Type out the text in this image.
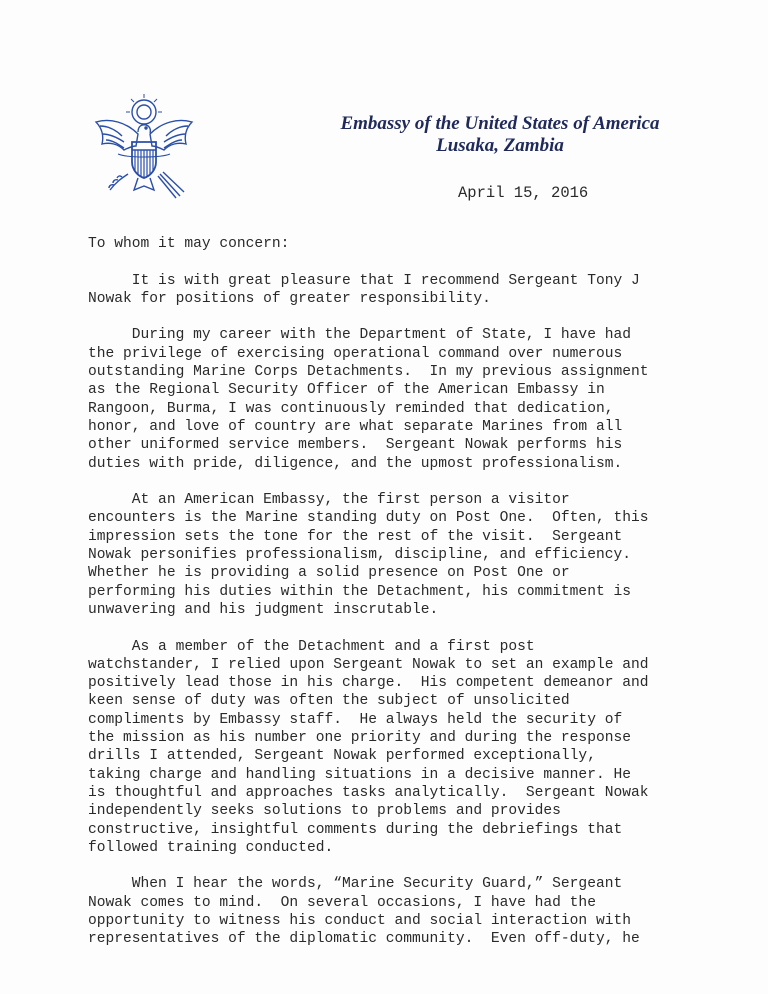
Embassy of the United States of America
Lusaka, Zambia
April 15, 2016
To whom it may concern:
It is with great pleasure that I recommend Sergeant Tony J
Nowak for positions of greater responsibility.
During my career with the Department of State, I have had
the privilege of exercising operational command over numerous
outstanding Marine Corps Detachments.  In my previous assignment
as the Regional Security Officer of the American Embassy in
Rangoon, Burma, I was continuously reminded that dedication,
honor, and love of country are what separate Marines from all
other uniformed service members.  Sergeant Nowak performs his
duties with pride, diligence, and the upmost professionalism.
At an American Embassy, the first person a visitor
encounters is the Marine standing duty on Post One.  Often, this
impression sets the tone for the rest of the visit.  Sergeant
Nowak personifies professionalism, discipline, and efficiency.
Whether he is providing a solid presence on Post One or
performing his duties within the Detachment, his commitment is
unwavering and his judgment inscrutable.
As a member of the Detachment and a first post
watchstander, I relied upon Sergeant Nowak to set an example and
positively lead those in his charge.  His competent demeanor and
keen sense of duty was often the subject of unsolicited
compliments by Embassy staff.  He always held the security of
the mission as his number one priority and during the response
drills I attended, Sergeant Nowak performed exceptionally,
taking charge and handling situations in a decisive manner. He
is thoughtful and approaches tasks analytically.  Sergeant Nowak
independently seeks solutions to problems and provides
constructive, insightful comments during the debriefings that
followed training conducted.
When I hear the words, “Marine Security Guard,” Sergeant
Nowak comes to mind.  On several occasions, I have had the
opportunity to witness his conduct and social interaction with
representatives of the diplomatic community.  Even off-duty, he
